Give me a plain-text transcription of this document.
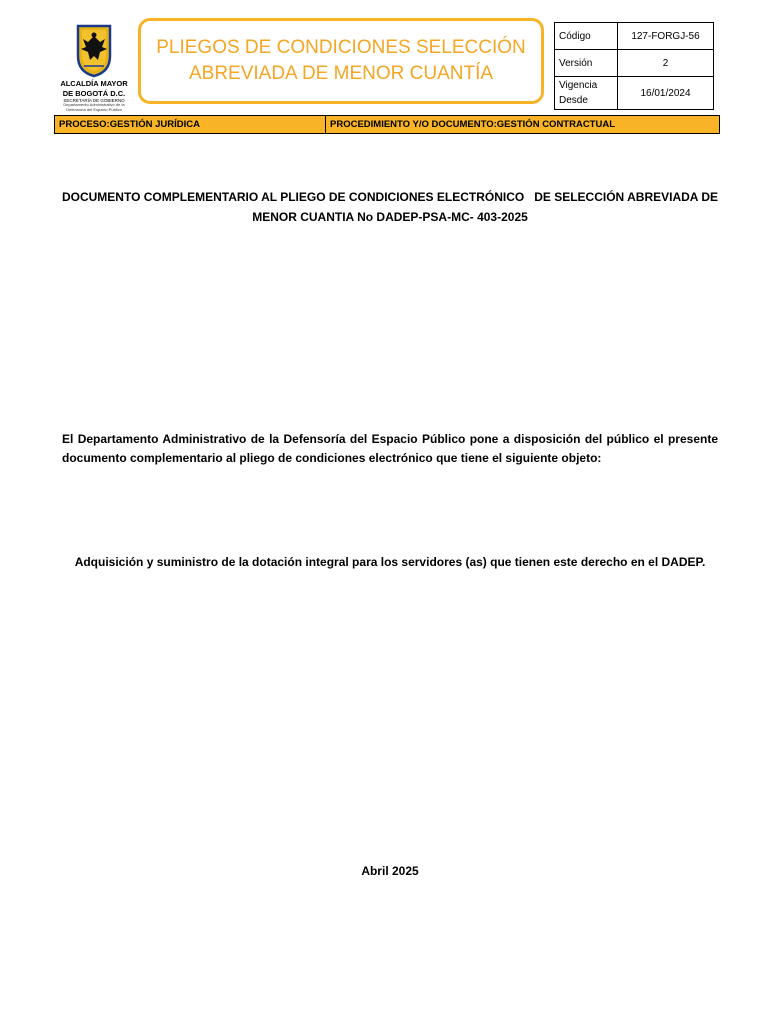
ALCALDÍA MAYOR
DE BOGOTÁ D.C.
SECRETARÍA DE GOBIERNO
Departamento Administrativo de la
Defensoría del Espacio Público
PLIEGOS DE CONDICIONES SELECCIÓN
ABREVIADA DE MENOR CUANTÍA
Código	127-FORGJ-56
Versión	2

Vigencia
Desde	16/01/2024
PROCESO: GESTIÓN JURÍDICA	PROCEDIMIENTO Y/O DOCUMENTO: GESTIÓN CONTRACTUAL
DOCUMENTO COMPLEMENTARIO AL PLIEGO DE CONDICIONES ELECTRÓNICO   DE SELECCIÓN ABREVIADA DE
MENOR CUANTIA No DADEP-PSA-MC- 403-2025
El Departamento Administrativo de la Defensoría del Espacio Público pone a disposición del público el presente documento complementario al pliego de condiciones electrónico que tiene el siguiente objeto:
Adquisición y suministro de la dotación integral para los servidores (as) que tienen este derecho en el DADEP.
Abril 2025
